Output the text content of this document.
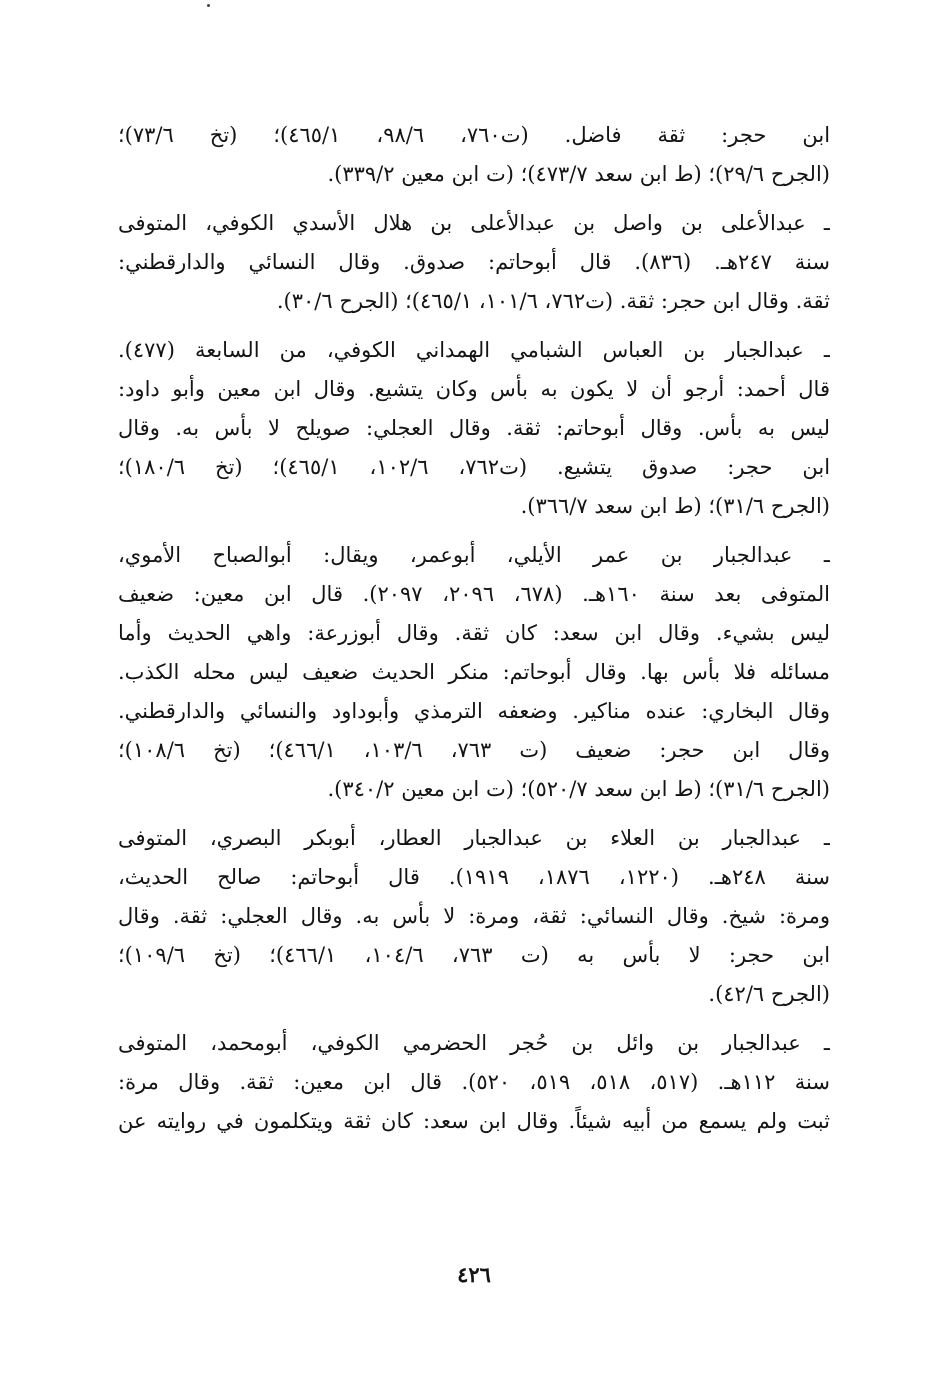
ابن حجر: ثقة فاضل. (ت٧٦٠، ٩٨/٦، ٤٦٥/١)؛ (تخ ٧٣/٦)؛
(الجرح ٢٩/٦)؛ (ط ابن سعد ٤٧٣/٧)؛ (ت ابن معين ٣٣٩/٢).
ـ عبدالأعلى بن واصل بن عبدالأعلى بن هلال الأسدي الكوفي، المتوفى
سنة ٢٤٧هـ. (٨٣٦). قال أبوحاتم: صدوق. وقال النسائي والدارقطني:
ثقة. وقال ابن حجر: ثقة. (ت٧٦٢، ١٠١/٦، ٤٦٥/١)؛ (الجرح ٣٠/٦).
ـ عبدالجبار بن العباس الشبامي الهمداني الكوفي، من السابعة (٤٧٧).
قال أحمد: أرجو أن لا يكون به بأس وكان يتشيع. وقال ابن معين وأبو داود:
ليس به بأس. وقال أبوحاتم: ثقة. وقال العجلي: صويلح لا بأس به. وقال
ابن حجر: صدوق يتشيع. (ت٧٦٢، ١٠٢/٦، ٤٦٥/١)؛ (تخ ١٨٠/٦)؛
(الجرح ٣١/٦)؛ (ط ابن سعد ٣٦٦/٧).
ـ عبدالجبار بن عمر الأيلي، أبوعمر، ويقال: أبوالصباح الأموي،
المتوفى بعد سنة ١٦٠هـ. (٦٧٨، ٢٠٩٦، ٢٠٩٧). قال ابن معين: ضعيف
ليس بشيء. وقال ابن سعد: كان ثقة. وقال أبوزرعة: واهي الحديث وأما
مسائله فلا بأس بها. وقال أبوحاتم: منكر الحديث ضعيف ليس محله الكذب.
وقال البخاري: عنده مناكير. وضعفه الترمذي وأبوداود والنسائي والدارقطني.
وقال ابن حجر: ضعيف (ت ٧٦٣، ١٠٣/٦، ٤٦٦/١)؛ (تخ ١٠٨/٦)؛
(الجرح ٣١/٦)؛ (ط ابن سعد ٥٢٠/٧)؛ (ت ابن معين ٣٤٠/٢).
ـ عبدالجبار بن العلاء بن عبدالجبار العطار، أبوبكر البصري، المتوفى
سنة ٢٤٨هـ. (١٢٢٠، ١٨٧٦، ١٩١٩). قال أبوحاتم: صالح الحديث،
ومرة: شيخ. وقال النسائي: ثقة، ومرة: لا بأس به. وقال العجلي: ثقة. وقال
ابن حجر: لا بأس به (ت ٧٦٣، ١٠٤/٦، ٤٦٦/١)؛ (تخ ١٠٩/٦)؛
(الجرح ٤٢/٦).
ـ عبدالجبار بن وائل بن حُجر الحضرمي الكوفي، أبومحمد، المتوفى
سنة ١١٢هـ. (٥١٧، ٥١٨، ٥١٩، ٥٢٠). قال ابن معين: ثقة. وقال مرة:
ثبت ولم يسمع من أبيه شيئاً. وقال ابن سعد: كان ثقة ويتكلمون في روايته عن
٤٢٦
